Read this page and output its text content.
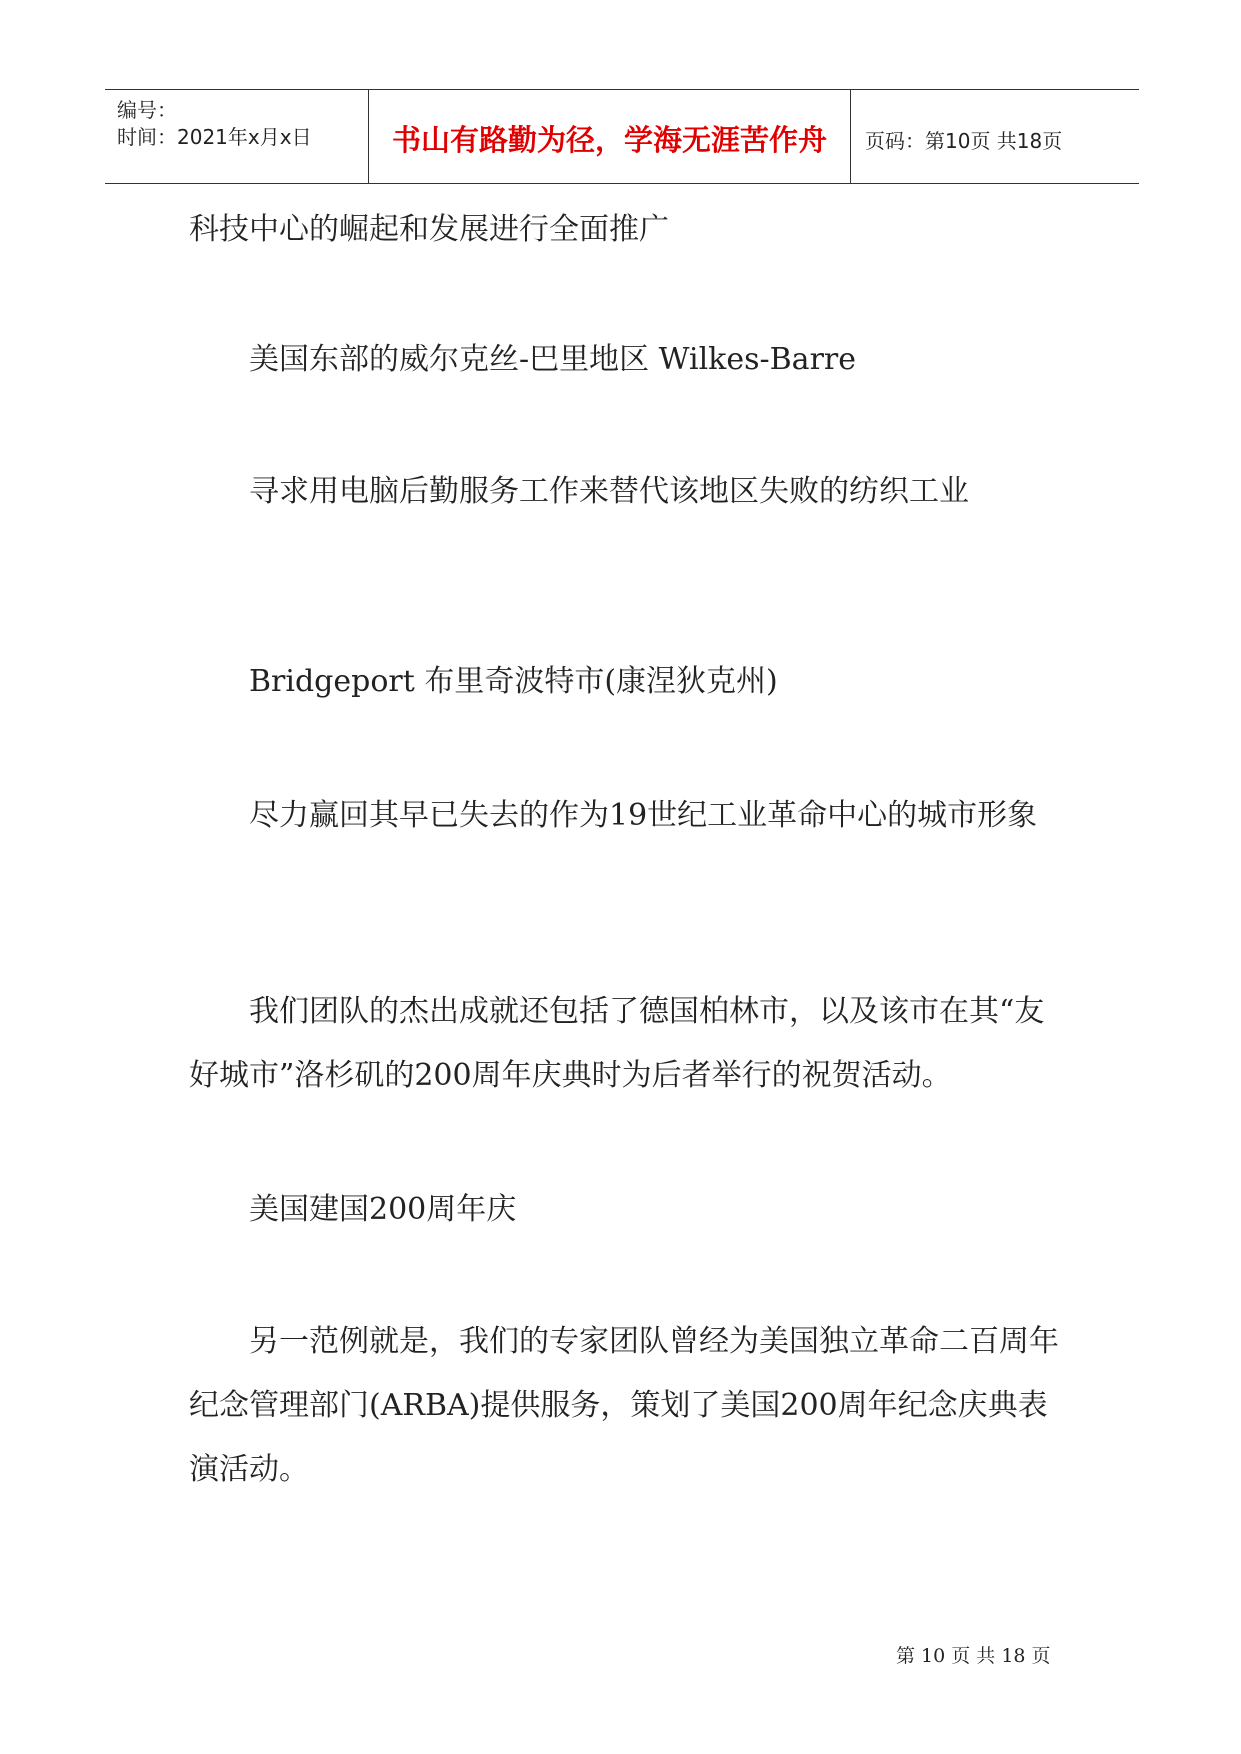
编号：
时间：2021年x月x日	书山有路勤为径，学海无涯苦作舟	页码：第10页 共18页

科技中心的崛起和发展进行全面推广

　　美国东部的威尔克丝-巴里地区 Wilkes-Barre

　　寻求用电脑后勤服务工作来替代该地区失败的纺织工业

　　Bridgeport 布里奇波特市(康涅狄克州)

　　尽力赢回其早已失去的作为19世纪工业革命中心的城市形象

　　我们团队的杰出成就还包括了德国柏林市，以及该市在其“友好城市”洛杉矶的200周年庆典时为后者举行的祝贺活动。

　　美国建国200周年庆

　　另一范例就是，我们的专家团队曾经为美国独立革命二百周年纪念管理部门(ARBA)提供服务，策划了美国200周年纪念庆典表演活动。

第 10 页 共 18 页
